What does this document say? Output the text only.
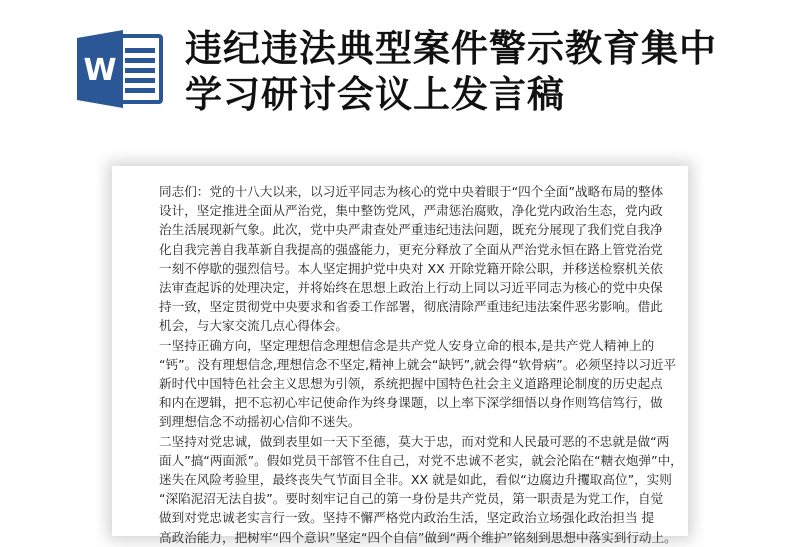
W
违纪违法典型案件警示教育集中
学习研讨会议上发言稿
同志们：党的十八大以来，以习近平同志为核心的党中央着眼于“四个全面”战略布局的整体
设计，坚定推进全面从严治党，集中整饬党风，严肃惩治腐败，净化党内政治生态，党内政
治生活展现新气象。此次，党中央严肃查处严重违纪违法问题，既充分展现了我们党自我净
化自我完善自我革新自我提高的强盛能力，更充分释放了全面从严治党永恒在路上管党治党
一刻不停歇的强烈信号。本人坚定拥护党中央对 XX 开除党籍开除公职，并移送检察机关依
法审查起诉的处理决定，并将始终在思想上政治上行动上同以习近平同志为核心的党中央保
持一致，坚定贯彻党中央要求和省委工作部署，彻底清除严重违纪违法案件恶劣影响。借此
机会，与大家交流几点心得体会。
一坚持正确方向，坚定理想信念理想信念是共产党人安身立命的根本,是共产党人精神上的
“钙”。没有理想信念,理想信念不坚定,精神上就会“缺钙”,就会得“软骨病”。必须坚持以习近平
新时代中国特色社会主义思想为引领，系统把握中国特色社会主义道路理论制度的历史起点
和内在逻辑，把不忘初心牢记使命作为终身课题，以上率下深学细悟以身作则笃信笃行，做
到理想信念不动摇初心信仰不迷失。
二坚持对党忠诚，做到表里如一天下至德，莫大于忠，而对党和人民最可恶的不忠就是做“两
面人”搞“两面派”。假如党员干部管不住自己，对党不忠诚不老实，就会沦陷在“糖衣炮弹”中，
迷失在风险考验里，最终丧失气节面目全非。XX 就是如此，看似“边腐边升攫取高位”，实则
“深陷泥沼无法自拔”。要时刻牢记自己的第一身份是共产党员，第一职责是为党工作，自觉
做到对党忠诚老实言行一致。坚持不懈严格党内政治生活，坚定政治立场强化政治担当 提
高政治能力，把树牢“四个意识”坚定“四个自信”做到“两个维护”铭刻到思想中落实到行动上。
